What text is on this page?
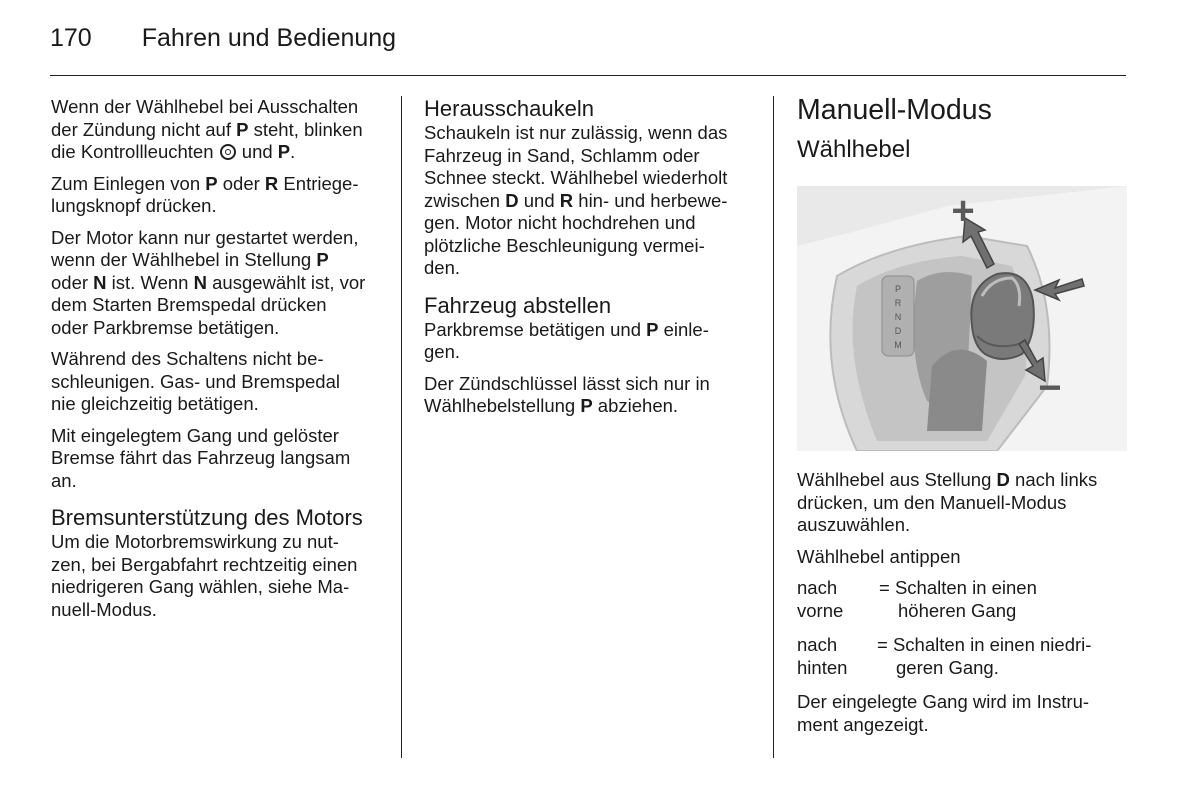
170 Fahren und Bedienung

Wenn der Wählhebel bei Ausschalten
der Zündung nicht auf P steht, blinken
die Kontrollleuchten  und P.

Zum Einlegen von P oder R Entriege-
lungsknopf drücken.

Der Motor kann nur gestartet werden,
wenn der Wählhebel in Stellung P
oder N ist. Wenn N ausgewählt ist, vor
dem Starten Bremspedal drücken
oder Parkbremse betätigen.

Während des Schaltens nicht be-
schleunigen. Gas- und Bremspedal
nie gleichzeitig betätigen.

Mit eingelegtem Gang und gelöster
Bremse fährt das Fahrzeug langsam
an.

Bremsunterstützung des Motors

Um die Motorbremswirkung zu nut-
zen, bei Bergabfahrt rechtzeitig einen
niedrigeren Gang wählen, siehe Ma-
nuell-Modus.

Herausschaukeln

Schaukeln ist nur zulässig, wenn das
Fahrzeug in Sand, Schlamm oder
Schnee steckt. Wählhebel wiederholt
zwischen D und R hin- und herbewe-
gen. Motor nicht hochdrehen und
plötzliche Beschleunigung vermei-
den.

Fahrzeug abstellen

Parkbremse betätigen und P einle-
gen.

Der Zündschlüssel lässt sich nur in
Wählhebelstellung P abziehen.

Manuell-Modus
Wählhebel
P
R
N
D
M
+
−

Wählhebel aus Stellung D nach links
drücken, um den Manuell-Modus
auszuwählen.

Wählhebel antippen

nach
vorne
= Schalten in einen
höheren Gang
nach
hinten
= Schalten in einen niedri-
geren Gang.

Der eingelegte Gang wird im Instru-
ment angezeigt.
